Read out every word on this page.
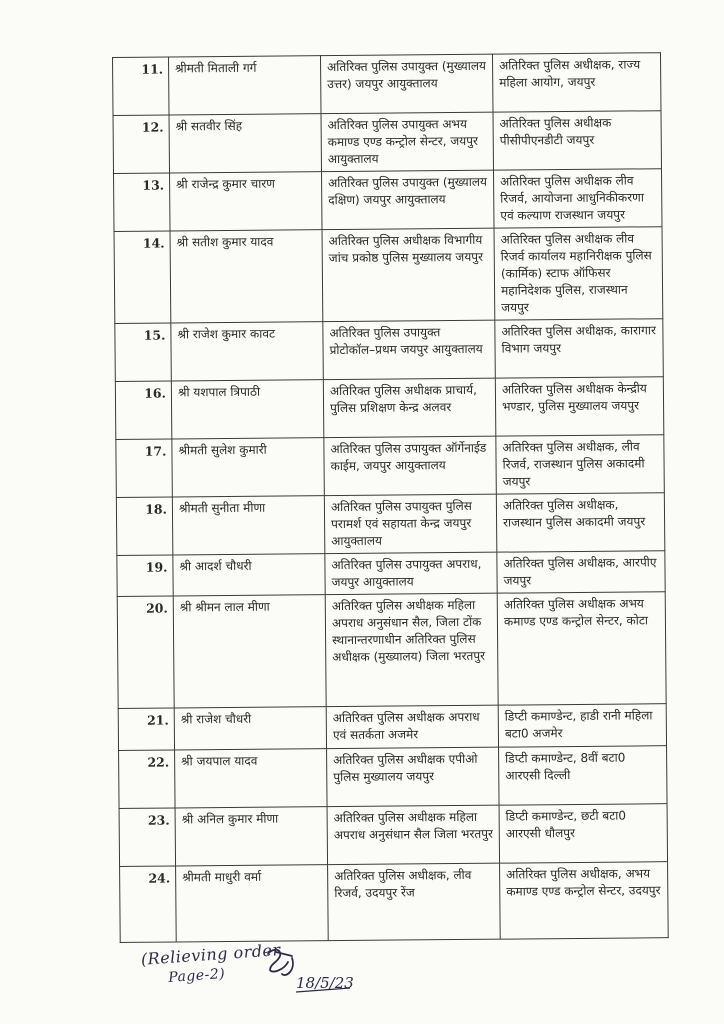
11.	श्रीमती मिताली गर्ग	अतिरिक्त पुलिस उपायुक्त (मुख्यालय उत्तर) जयपुर आयुक्तालय	अतिरिक्त पुलिस अधीक्षक, राज्य महिला आयोग, जयपुर
12.	श्री सतवीर सिंह	अतिरिक्त पुलिस उपायुक्त अभय कमाण्ड एण्ड कन्ट्रोल सेन्टर, जयपुर आयुक्तालय	अतिरिक्त पुलिस अधीक्षक पीसीपीएनडीटी जयपुर
13.	श्री राजेन्द्र कुमार चारण	अतिरिक्त पुलिस उपायुक्त (मुख्यालय दक्षिण) जयपुर आयुक्तालय	अतिरिक्त पुलिस अधीक्षक लीव रिजर्व, आयोजना आधुनिकीकरणा एवं कल्याण राजस्थान जयपुर
14.	श्री सतीश कुमार यादव	अतिरिक्त पुलिस अधीक्षक विभागीय जांच प्रकोष्ठ पुलिस मुख्यालय जयपुर	अतिरिक्त पुलिस अधीक्षक लीव रिजर्व कार्यालय महानिरीक्षक पुलिस (कार्मिक) स्टाफ ऑफिसर महानिदेशक पुलिस, राजस्थान जयपुर
15.	श्री राजेश कुमार कावट	अतिरिक्त पुलिस उपायुक्त प्रोटोकॉल–प्रथम जयपुर आयुक्तालय	अतिरिक्त पुलिस अधीक्षक, कारागार विभाग जयपुर
16.	श्री यशपाल त्रिपाठी	अतिरिक्त पुलिस अधीक्षक प्राचार्य, पुलिस प्रशिक्षण केन्द्र अलवर	अतिरिक्त पुलिस अधीक्षक केन्द्रीय भण्डार, पुलिस मुख्यालय जयपुर
17.	श्रीमती सुलेश कुमारी	अतिरिक्त पुलिस उपायुक्त ऑर्गेनाईड काईम, जयपुर आयुक्तालय	अतिरिक्त पुलिस अधीक्षक, लीव रिजर्व, राजस्थान पुलिस अकादमी जयपुर
18.	श्रीमती सुनीता मीणा	अतिरिक्त पुलिस उपायुक्त पुलिस परामर्श एवं सहायता केन्द्र जयपुर आयुक्तालय	अतिरिक्त पुलिस अधीक्षक, राजस्थान पुलिस अकादमी जयपुर
19.	श्री आदर्श चौधरी	अतिरिक्त पुलिस उपायुक्त अपराध, जयपुर आयुक्तालय	अतिरिक्त पुलिस अधीक्षक, आरपीए जयपुर
20.	श्री श्रीमन लाल मीणा	अतिरिक्त पुलिस अधीक्षक महिला अपराध अनुसंधान सैल, जिला टोंक स्थानान्तरणाधीन अतिरिक्त पुलिस अधीक्षक (मुख्यालय) जिला भरतपुर	अतिरिक्त पुलिस अधीक्षक अभय कमाण्ड एण्ड कन्ट्रोल सेन्टर, कोटा
21.	श्री राजेश चौधरी	अतिरिक्त पुलिस अधीक्षक अपराध एवं सतर्कता अजमेर	डिप्टी कमाण्डेन्ट, हाडी रानी महिला बटा0 अजमेर
22.	श्री जयपाल यादव	अतिरिक्त पुलिस अधीक्षक एपीओ पुलिस मुख्यालय जयपुर	डिप्टी कमाण्डेन्ट, 8वीं बटा0 आरएसी दिल्ली
23.	श्री अनिल कुमार मीणा	अतिरिक्त पुलिस अधीक्षक महिला अपराध अनुसंधान सैल जिला भरतपुर	डिप्टी कमाण्डेन्ट, छटी बटा0 आरएसी धौलपुर
24.	श्रीमती माधुरी वर्मा	अतिरिक्त पुलिस अधीक्षक, लीव रिजर्व, उदयपुर रेंज	अतिरिक्त पुलिस अधीक्षक, अभय कमाण्ड एण्ड कन्ट्रोल सेन्टर, उदयपुर
(Relieving order
Page-2)	18/5/23
